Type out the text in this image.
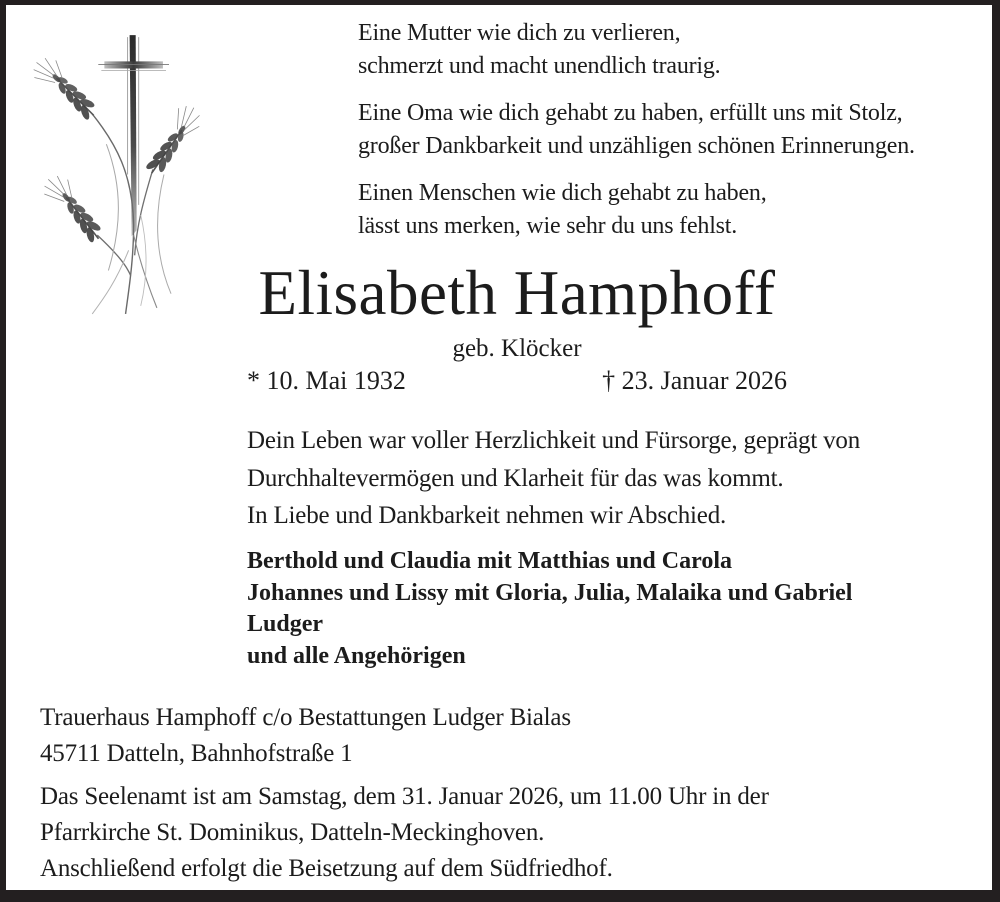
Eine Mutter wie dich zu verlieren,
schmerzt und macht unendlich traurig.

Eine Oma wie dich gehabt zu haben, erfüllt uns mit Stolz,
großer Dankbarkeit und unzähligen schönen Erinnerungen.

Einen Menschen wie dich gehabt zu haben,
lässt uns merken, wie sehr du uns fehlst.

Elisabeth Hamphoff
geb. Klöcker
* 10. Mai 1932	† 23. Januar 2026
Dein Leben war voller Herzlichkeit und Fürsorge, geprägt von
Durchhaltevermögen und Klarheit für das was kommt.
In Liebe und Dankbarkeit nehmen wir Abschied.
Berthold und Claudia mit Matthias und Carola
Johannes und Lissy mit Gloria, Julia, Malaika und Gabriel
Ludger
und alle Angehörigen
Trauerhaus Hamphoff c/o Bestattungen Ludger Bialas
45711 Datteln, Bahnhofstraße 1
Das Seelenamt ist am Samstag, dem 31. Januar 2026, um 11.00 Uhr in der
Pfarrkirche St. Dominikus, Datteln-Meckinghoven.
Anschließend erfolgt die Beisetzung auf dem Südfriedhof.
